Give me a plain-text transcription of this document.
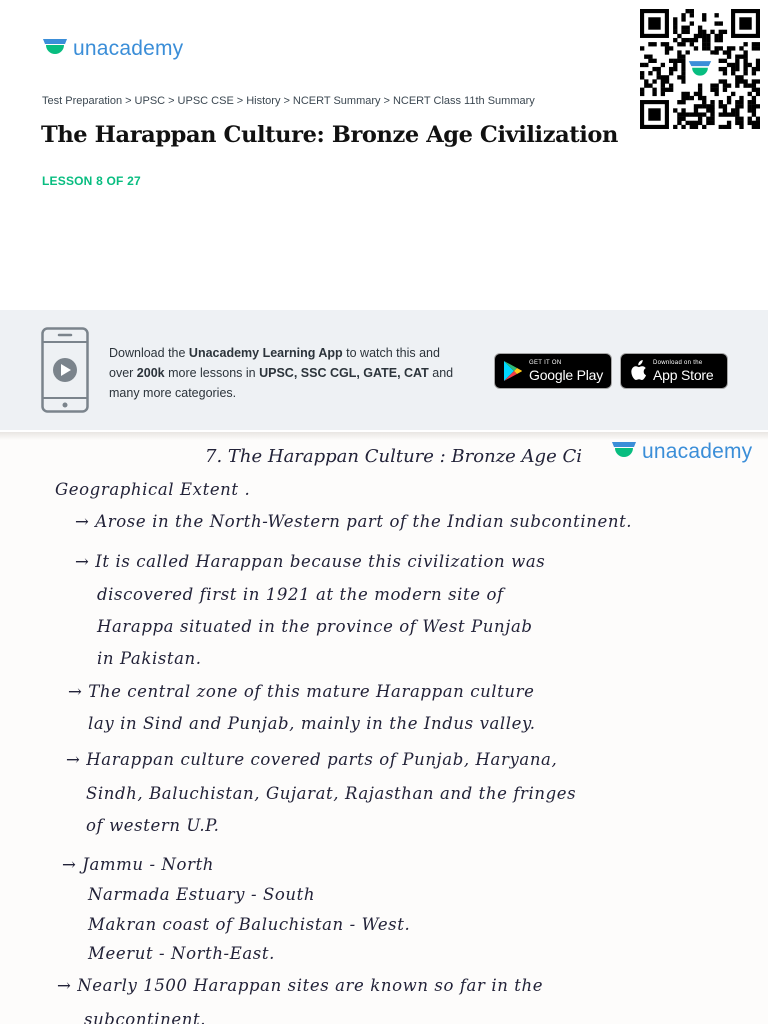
unacademy
Test Preparation > UPSC > UPSC CSE > History > NCERT Summary > NCERT Class 11th Summary
The Harappan Culture: Bronze Age Civilization
LESSON 8 OF 27
Download the Unacademy Learning App to watch this and over 200k more lessons in UPSC, SSC CGL, GATE, CAT and many more categories.
GET IT ON
Google Play
Download on the
App Store
7. The Harappan Culture : Bronze Age Ci	unacademy
Geographical Extent .
→ Arose in the North-Western part of the Indian subcontinent.
→ It is called Harappan because this civilization was
discovered first in 1921 at the modern site of
Harappa situated in the province of West Punjab
in Pakistan.
→ The central zone of this mature Harappan culture
lay in Sind and Punjab, mainly in the Indus valley.
→ Harappan culture covered parts of Punjab, Haryana,
Sindh, Baluchistan, Gujarat, Rajasthan and the fringes
of western U.P.
→ Jammu - North
Narmada Estuary - South
Makran coast of Baluchistan - West.
Meerut - North-East.
→ Nearly 1500 Harappan sites are known so far in the
subcontinent.
